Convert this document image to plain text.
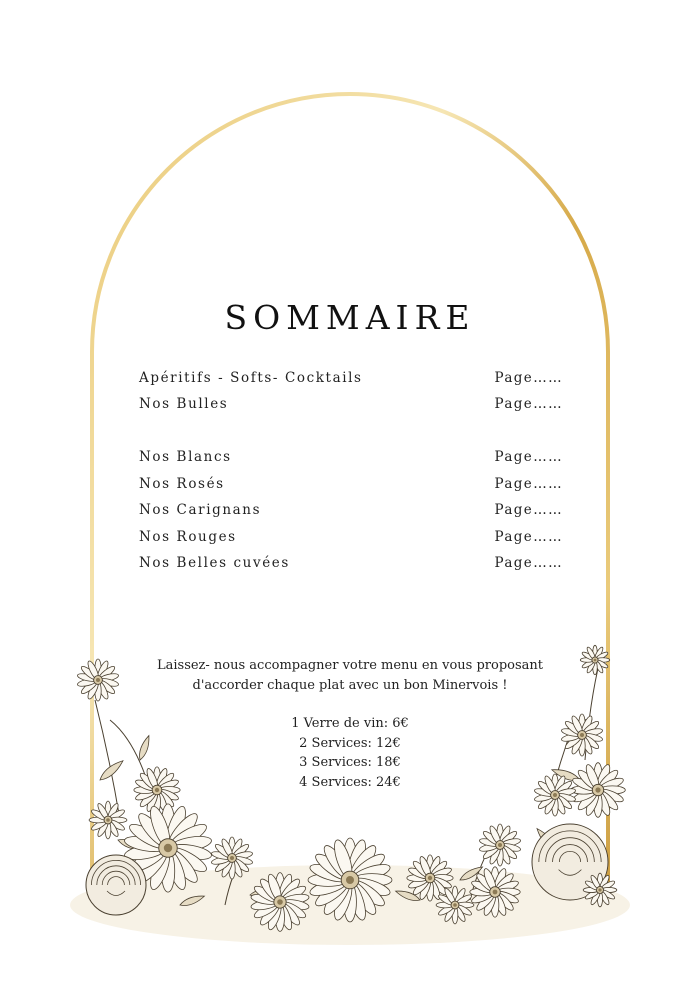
SOMMAIRE
Apéritifs - Softs- Cocktails	Page……
Nos Bulles	Page……
Nos Blancs	Page……
Nos Rosés	Page……
Nos Carignans	Page……
Nos Rouges	Page……
Nos Belles cuvées	Page……
Laissez- nous accompagner votre menu en vous proposant
d'accorder chaque plat avec un bon Minervois !
1 Verre de vin: 6€
2 Services: 12€
3 Services: 18€
4 Services: 24€
